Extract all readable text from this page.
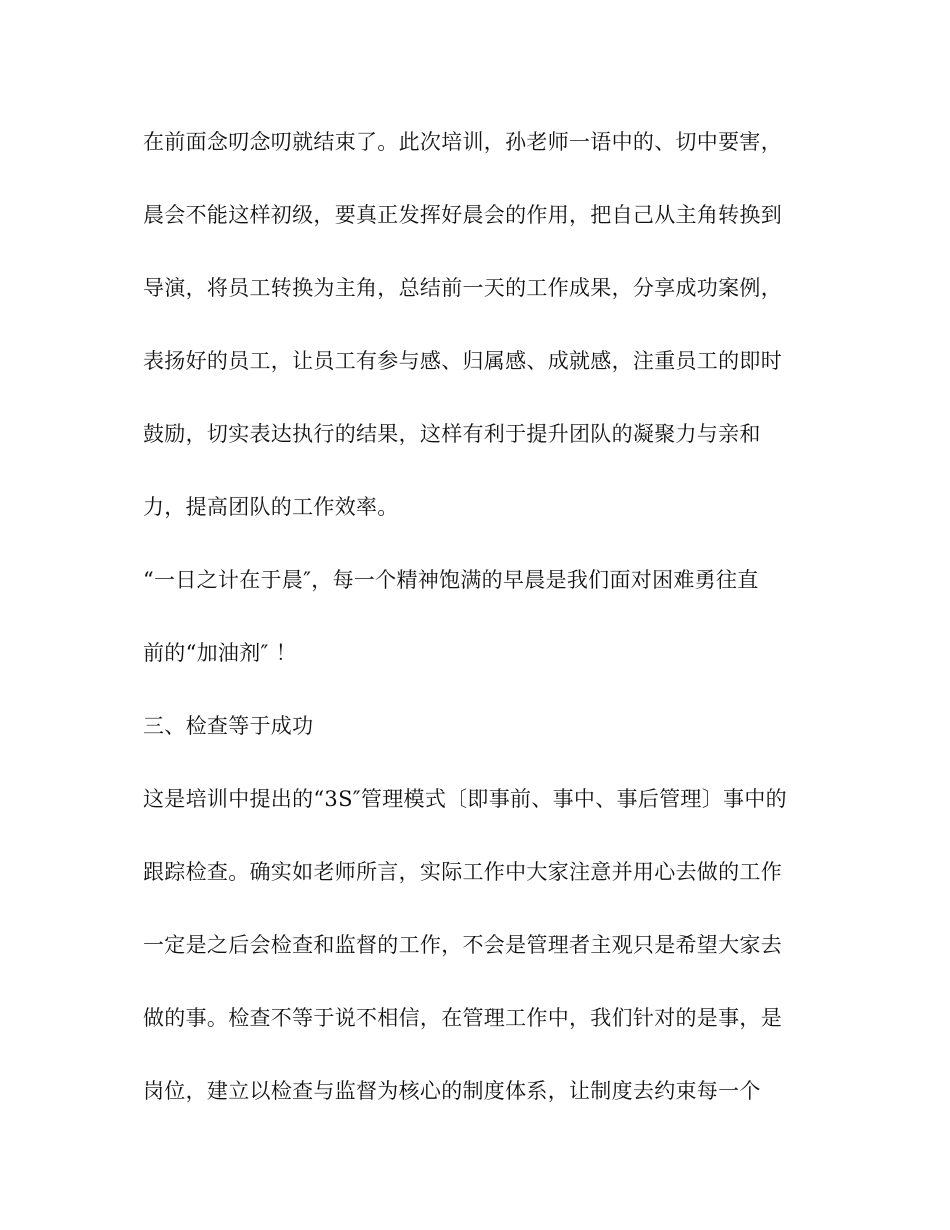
在前面念叨念叨就结束了。此次培训，孙老师一语中的、切中要害，
晨会不能这样初级，要真正发挥好晨会的作用，把自己从主角转换到
导演，将员工转换为主角，总结前一天的工作成果，分享成功案例，
表扬好的员工，让员工有参与感、归属感、成就感，注重员工的即时
鼓励，切实表达执行的结果，这样有利于提升团队的凝聚力与亲和
力，提高团队的工作效率。
“一日之计在于晨″，每一个精神饱满的早晨是我们面对困难勇往直
前的“加油剂″ ！
三、检查等于成功
这是培训中提出的“3S″管理模式〔即事前、事中、事后管理〕事中的
跟踪检查。确实如老师所言，实际工作中大家注意并用心去做的工作
一定是之后会检查和监督的工作，不会是管理者主观只是希望大家去
做的事。检查不等于说不相信，在管理工作中，我们针对的是事，是
岗位，建立以检查与监督为核心的制度体系，让制度去约束每一个
